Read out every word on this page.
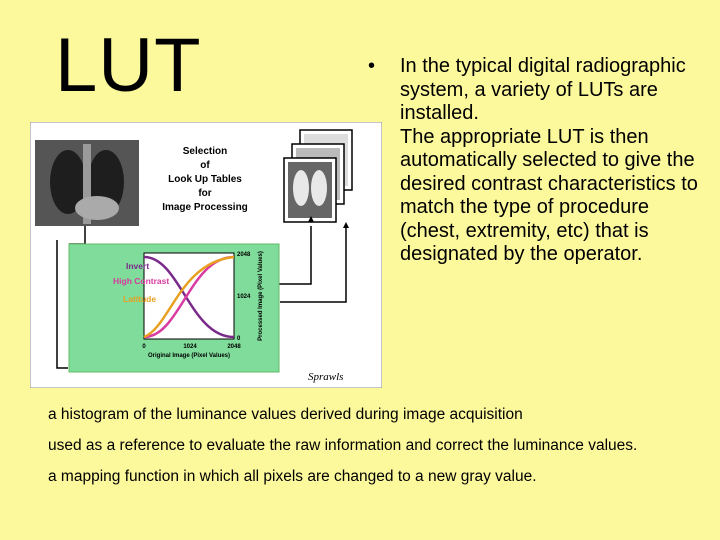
LUT	• In the typical digital radiographic system, a variety of LUTs are installed.
The appropriate LUT is then automatically selected to give the desired contrast characteristics to match the type of procedure (chest, extremity, etc) that is designated by the operator.
Selection
of
Look Up Tables
for
Image Processing
Invert
High Contrast
Latitude
0	1024	2048
2048
1024
0
Original Image (Pixel Values)
Processed Image (Pixel Values)
Sprawls

a histogram of the luminance values derived during image acquisition

used as a reference to evaluate the raw information and correct the luminance values.

a mapping function in which all pixels are changed to a new gray value.
